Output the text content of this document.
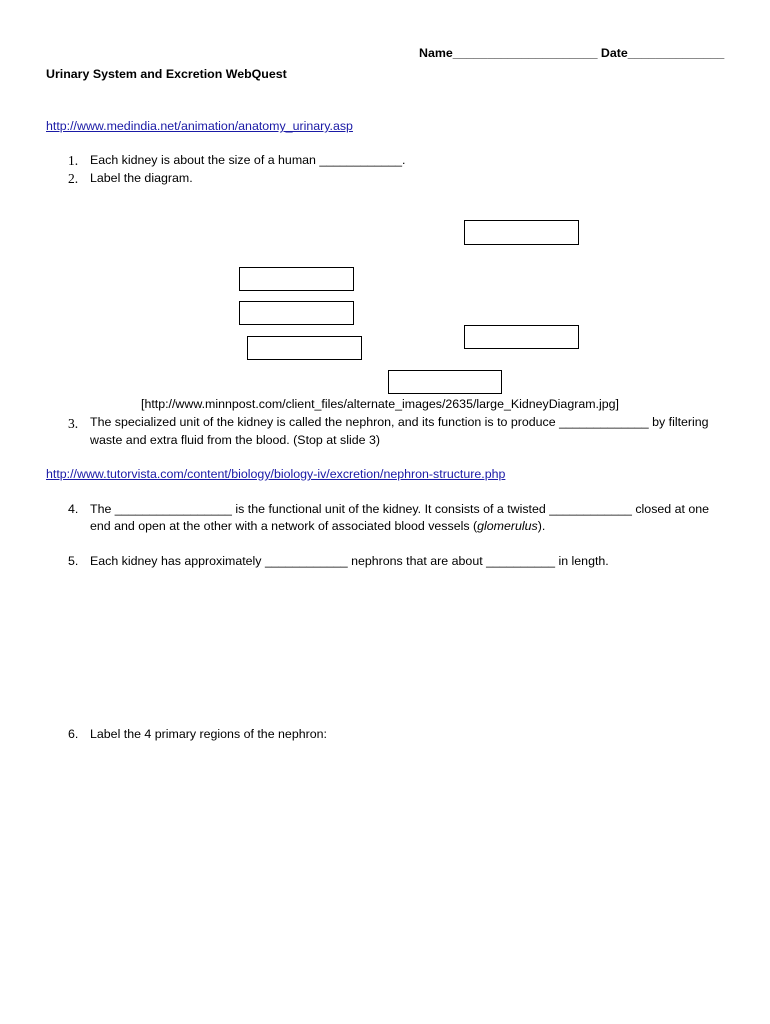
Name_____________________ Date______________
Urinary System and Excretion WebQuest
http://www.medindia.net/animation/anatomy_urinary.asp
1. Each kidney is about the size of a human ____________.
2. Label the diagram.
[http://www.minnpost.com/client_files/alternate_images/2635/large_KidneyDiagram.jpg]
3. The specialized unit of the kidney is called the nephron, and its function is to produce _____________ by filtering
waste and extra fluid from the blood. (Stop at slide 3)
http://www.tutorvista.com/content/biology/biology-iv/excretion/nephron-structure.php
4. The _________________ is the functional unit of the kidney. It consists of a twisted ____________ closed at one
end and open at the other with a network of associated blood vessels (glomerulus).
5. Each kidney has approximately ____________ nephrons that are about __________ in length.
6. Label the 4 primary regions of the nephron:
